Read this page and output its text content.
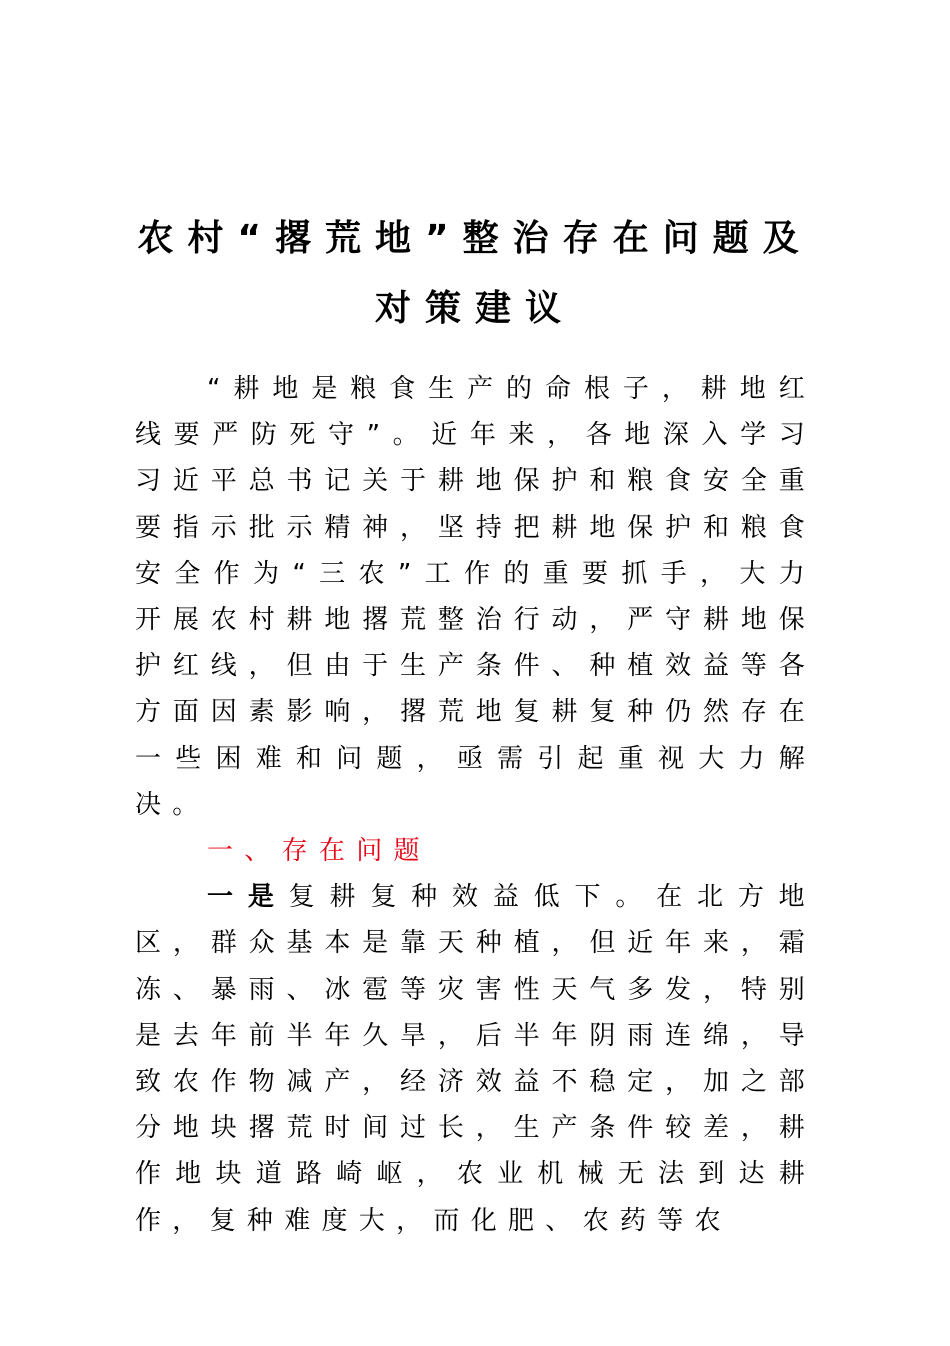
农村“撂荒地”整治存在问题及
对策建议

“耕地是粮食生产的命根子，耕地红线要严防死守”。近年来，各地深入学习习近平总书记关于耕地保护和粮食安全重要指示批示精神，坚持把耕地保护和粮食安全作为“三农”工作的重要抓手，大力开展农村耕地撂荒整治行动，严守耕地保护红线，但由于生产条件、种植效益等各方面因素影响，撂荒地复耕复种仍然存在一些困难和问题，亟需引起重视大力解决。

一、存在问题

一是复耕复种效益低下。在北方地区，群众基本是靠天种植，但近年来，霜冻、暴雨、冰雹等灾害性天气多发，特别是去年前半年久旱，后半年阴雨连绵，导致农作物减产，经济效益不稳定，加之部分地块撂荒时间过长，生产条件较差，耕作地块道路崎岖，农业机械无法到达耕作，复种难度大，而化肥、农药等农
